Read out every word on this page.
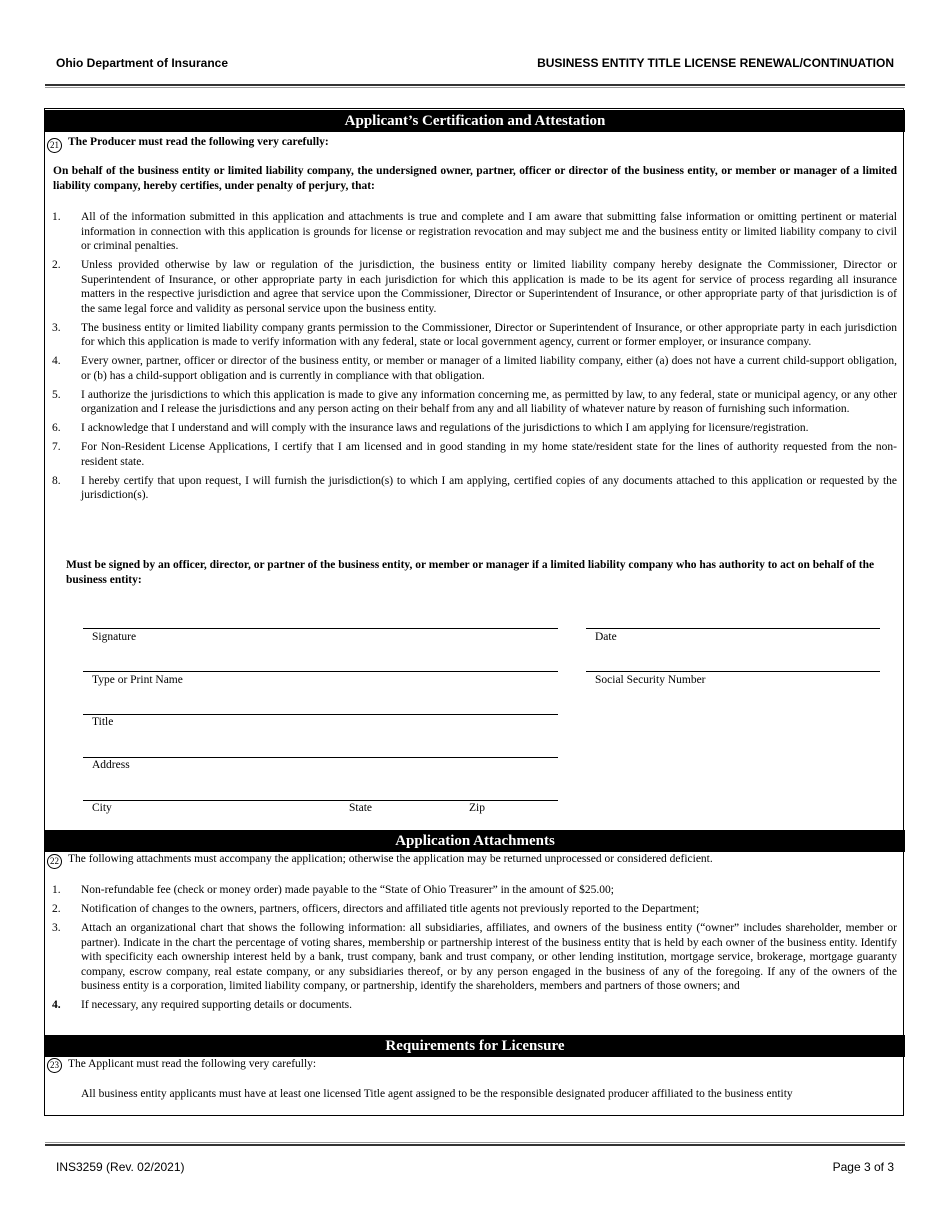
Ohio Department of Insurance	BUSINESS ENTITY TITLE LICENSE RENEWAL/CONTINUATION
Applicant’s Certification and Attestation
21 The Producer must read the following very carefully:
On behalf of the business entity or limited liability company, the undersigned owner, partner, officer or director of the business entity, or member or manager of a limited liability company, hereby certifies, under penalty of perjury, that:
1. All of the information submitted in this application and attachments is true and complete and I am aware that submitting false information or omitting pertinent or material information in connection with this application is grounds for license or registration revocation and may subject me and the business entity or limited liability company to civil or criminal penalties.
2. Unless provided otherwise by law or regulation of the jurisdiction, the business entity or limited liability company hereby designate the Commissioner, Director or Superintendent of Insurance, or other appropriate party in each jurisdiction for which this application is made to be its agent for service of process regarding all insurance matters in the respective jurisdiction and agree that service upon the Commissioner, Director or Superintendent of Insurance, or other appropriate party of that jurisdiction is of the same legal force and validity as personal service upon the business entity.
3. The business entity or limited liability company grants permission to the Commissioner, Director or Superintendent of Insurance, or other appropriate party in each jurisdiction for which this application is made to verify information with any federal, state or local government agency, current or former employer, or insurance company.
4. Every owner, partner, officer or director of the business entity, or member or manager of a limited liability company, either (a) does not have a current child-support obligation, or (b) has a child-support obligation and is currently in compliance with that obligation.
5. I authorize the jurisdictions to which this application is made to give any information concerning me, as permitted by law, to any federal, state or municipal agency, or any other organization and I release the jurisdictions and any person acting on their behalf from any and all liability of whatever nature by reason of furnishing such information.
6. I acknowledge that I understand and will comply with the insurance laws and regulations of the jurisdictions to which I am applying for licensure/registration.
7. For Non-Resident License Applications, I certify that I am licensed and in good standing in my home state/resident state for the lines of authority requested from the non-resident state.
8. I hereby certify that upon request, I will furnish the jurisdiction(s) to which I am applying, certified copies of any documents attached to this application or requested by the jurisdiction(s).
Must be signed by an officer, director, or partner of the business entity, or member or manager if a limited liability company who has authority to act on behalf of the business entity:
Signature	Date
Type or Print Name	Social Security Number
Title
Address
City	State	Zip
Application Attachments
22 The following attachments must accompany the application; otherwise the application may be returned unprocessed or considered deficient.
1. Non-refundable fee (check or money order) made payable to the “State of Ohio Treasurer” in the amount of $25.00;
2. Notification of changes to the owners, partners, officers, directors and affiliated title agents not previously reported to the Department;
3. Attach an organizational chart that shows the following information: all subsidiaries, affiliates, and owners of the business entity (“owner” includes shareholder, member or partner). Indicate in the chart the percentage of voting shares, membership or partnership interest of the business entity that is held by each owner of the business entity. Identify with specificity each ownership interest held by a bank, trust company, bank and trust company, or other lending institution, mortgage service, brokerage, mortgage guaranty company, escrow company, real estate company, or any subsidiaries thereof, or by any person engaged in the business of any of the foregoing. If any of the owners of the business entity is a corporation, limited liability company, or partnership, identify the shareholders, members and partners of those owners; and
4. If necessary, any required supporting details or documents.
Requirements for Licensure
23 The Applicant must read the following very carefully:
All business entity applicants must have at least one licensed Title agent assigned to be the responsible designated producer affiliated to the business entity
INS3259 (Rev. 02/2021)	Page 3 of 3
